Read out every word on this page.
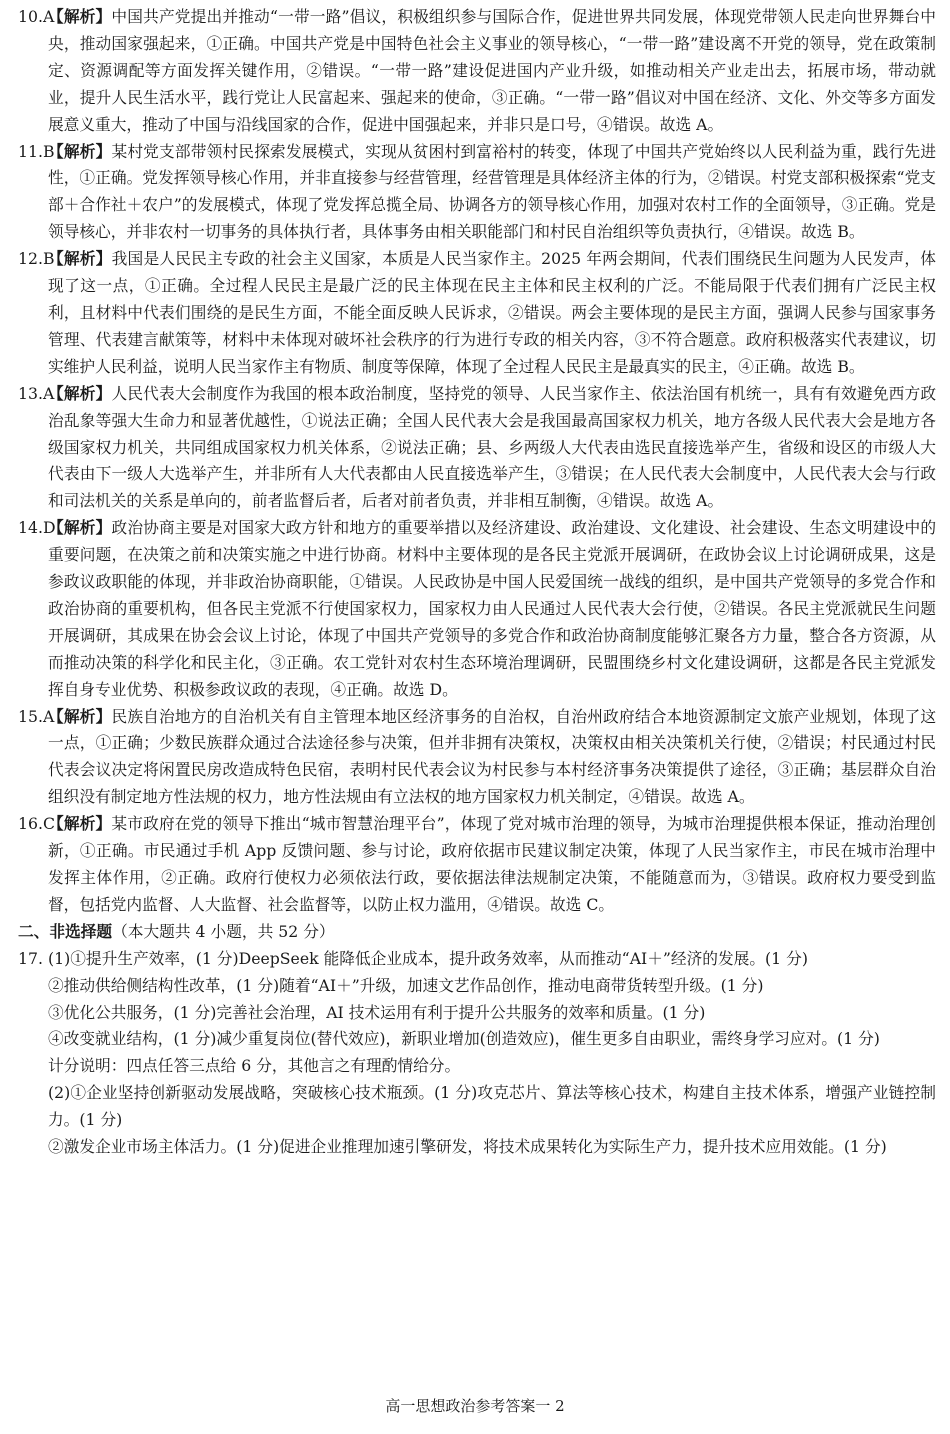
10.A

【解析】中国共产党提出并推动“一带一路”倡议，积极组织参与国际合作，促进世界共同发展，体现党带领人民走向世界舞台中央，推动国家强起来，①正确。中国共产党是中国特色社会主义事业的领导核心，“一带一路”建设离不开党的领导，党在政策制定、资源调配等方面发挥关键作用，②错误。“一带一路”建设促进国内产业升级，如推动相关产业走出去，拓展市场，带动就业，提升人民生活水平，践行党让人民富起来、强起来的使命，③正确。“一带一路”倡议对中国在经济、文化、外交等多方面发展意义重大，推动了中国与沿线国家的合作，促进中国强起来，并非只是口号，④错误。故选 A。

11.B

【解析】某村党支部带领村民探索发展模式，实现从贫困村到富裕村的转变，体现了中国共产党始终以人民利益为重，践行先进性，①正确。党发挥领导核心作用，并非直接参与经营管理，经营管理是具体经济主体的行为，②错误。村党支部积极探索“党支部＋合作社＋农户”的发展模式，体现了党发挥总揽全局、协调各方的领导核心作用，加强对农村工作的全面领导，③正确。党是领导核心，并非农村一切事务的具体执行者，具体事务由相关职能部门和村民自治组织等负责执行，④错误。故选 B。

12.B

【解析】我国是人民民主专政的社会主义国家，本质是人民当家作主。2025 年两会期间，代表们围绕民生问题为人民发声，体现了这一点，①正确。全过程人民民主是最广泛的民主体现在民主主体和民主权利的广泛。不能局限于代表们拥有广泛民主权利，且材料中代表们围绕的是民生方面，不能全面反映人民诉求，②错误。两会主要体现的是民主方面，强调人民参与国家事务管理、代表建言献策等，材料中未体现对破坏社会秩序的行为进行专政的相关内容，③不符合题意。政府积极落实代表建议，切实维护人民利益，说明人民当家作主有物质、制度等保障，体现了全过程人民民主是最真实的民主，④正确。故选 B。

13.A

【解析】人民代表大会制度作为我国的根本政治制度，坚持党的领导、人民当家作主、依法治国有机统一，具有有效避免西方政治乱象等强大生命力和显著优越性，①说法正确；全国人民代表大会是我国最高国家权力机关，地方各级人民代表大会是地方各级国家权力机关，共同组成国家权力机关体系，②说法正确；县、乡两级人大代表由选民直接选举产生，省级和设区的市级人大代表由下一级人大选举产生，并非所有人大代表都由人民直接选举产生，③错误；在人民代表大会制度中，人民代表大会与行政和司法机关的关系是单向的，前者监督后者，后者对前者负责，并非相互制衡，④错误。故选 A。

14.D

【解析】政治协商主要是对国家大政方针和地方的重要举措以及经济建设、政治建设、文化建设、社会建设、生态文明建设中的重要问题，在决策之前和决策实施之中进行协商。材料中主要体现的是各民主党派开展调研，在政协会议上讨论调研成果，这是参政议政职能的体现，并非政治协商职能，①错误。人民政协是中国人民爱国统一战线的组织，是中国共产党领导的多党合作和政治协商的重要机构，但各民主党派不行使国家权力，国家权力由人民通过人民代表大会行使，②错误。各民主党派就民生问题开展调研，其成果在协会会议上讨论，体现了中国共产党领导的多党合作和政治协商制度能够汇聚各方力量，整合各方资源，从而推动决策的科学化和民主化，③正确。农工党针对农村生态环境治理调研，民盟围绕乡村文化建设调研，这都是各民主党派发挥自身专业优势、积极参政议政的表现，④正确。故选 D。

15.A

【解析】民族自治地方的自治机关有自主管理本地区经济事务的自治权，自治州政府结合本地资源制定文旅产业规划，体现了这一点，①正确；少数民族群众通过合法途径参与决策，但并非拥有决策权，决策权由相关决策机关行使，②错误；村民通过村民代表会议决定将闲置民房改造成特色民宿，表明村民代表会议为村民参与本村经济事务决策提供了途径，③正确；基层群众自治组织没有制定地方性法规的权力，地方性法规由有立法权的地方国家权力机关制定，④错误。故选 A。

16.C

【解析】某市政府在党的领导下推出“城市智慧治理平台”，体现了党对城市治理的领导，为城市治理提供根本保证，推动治理创新，①正确。市民通过手机 App 反馈问题、参与讨论，政府依据市民建议制定决策，体现了人民当家作主，市民在城市治理中发挥主体作用，②正确。政府行使权力必须依法行政，要依据法律法规制定决策，不能随意而为，③错误。政府权力要受到监督，包括党内监督、人大监督、社会监督等，以防止权力滥用，④错误。故选 C。

二、非选择题（本大题共 4 小题，共 52 分）

17. (1)①提升生产效率，(1 分)DeepSeek 能降低企业成本，提升政务效率，从而推动“AI＋”经济的发展。(1 分)

②推动供给侧结构性改革，(1 分)随着“AI＋”升级，加速文艺作品创作，推动电商带货转型升级。(1 分)

③优化公共服务，(1 分)完善社会治理，AI 技术运用有利于提升公共服务的效率和质量。(1 分)

④改变就业结构，(1 分)减少重复岗位(替代效应)，新职业增加(创造效应)，催生更多自由职业，需终身学习应对。(1 分)

计分说明：四点任答三点给 6 分，其他言之有理酌情给分。

(2)①企业坚持创新驱动发展战略，突破核心技术瓶颈。(1 分)攻克芯片、算法等核心技术，构建自主技术体系，增强产业链控制力。(1 分)

②激发企业市场主体活力。(1 分)促进企业推理加速引擎研发，将技术成果转化为实际生产力，提升技术应用效能。(1 分)

高一思想政治参考答案一 2
